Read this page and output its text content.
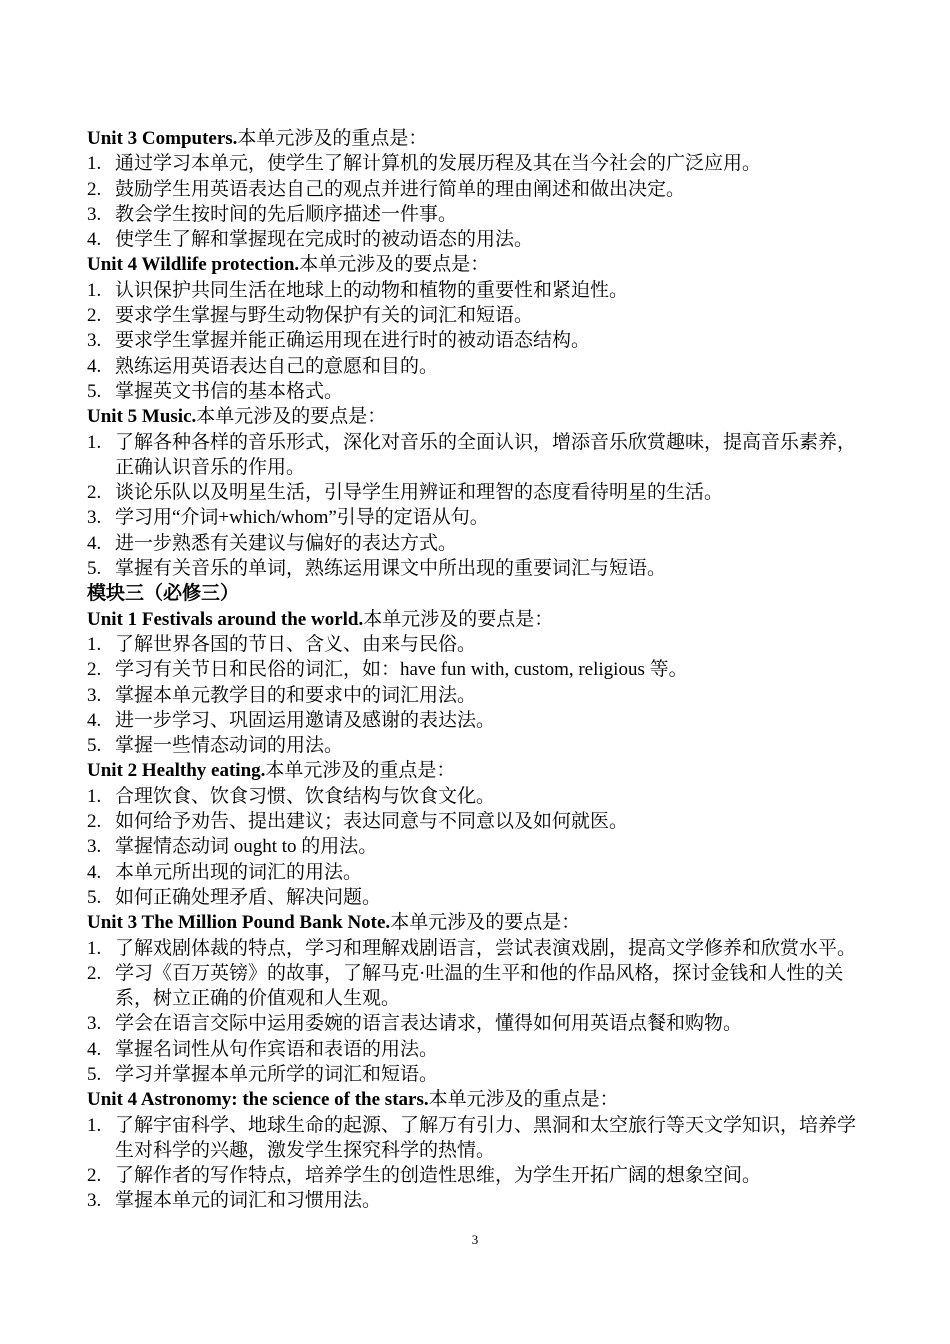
Unit 3 Computers.本单元涉及的重点是：
1. 通过学习本单元，使学生了解计算机的发展历程及其在当今社会的广泛应用。
2. 鼓励学生用英语表达自己的观点并进行简单的理由阐述和做出决定。
3. 教会学生按时间的先后顺序描述一件事。
4. 使学生了解和掌握现在完成时的被动语态的用法。
Unit 4 Wildlife protection.本单元涉及的要点是：
1. 认识保护共同生活在地球上的动物和植物的重要性和紧迫性。
2. 要求学生掌握与野生动物保护有关的词汇和短语。
3. 要求学生掌握并能正确运用现在进行时的被动语态结构。
4. 熟练运用英语表达自己的意愿和目的。
5. 掌握英文书信的基本格式。
Unit 5 Music.本单元涉及的要点是：
1. 了解各种各样的音乐形式，深化对音乐的全面认识，增添音乐欣赏趣味，提高音乐素养，正确认识音乐的作用。
2. 谈论乐队以及明星生活，引导学生用辨证和理智的态度看待明星的生活。
3. 学习用“介词+which/whom”引导的定语从句。
4. 进一步熟悉有关建议与偏好的表达方式。
5. 掌握有关音乐的单词，熟练运用课文中所出现的重要词汇与短语。
模块三（必修三）
Unit 1 Festivals around the world.本单元涉及的要点是：
1. 了解世界各国的节日、含义、由来与民俗。
2. 学习有关节日和民俗的词汇，如：have fun with, custom, religious 等。
3. 掌握本单元教学目的和要求中的词汇用法。
4. 进一步学习、巩固运用邀请及感谢的表达法。
5. 掌握一些情态动词的用法。
Unit 2 Healthy eating.本单元涉及的重点是：
1. 合理饮食、饮食习惯、饮食结构与饮食文化。
2. 如何给予劝告、提出建议；表达同意与不同意以及如何就医。
3. 掌握情态动词 ought to 的用法。
4. 本单元所出现的词汇的用法。
5. 如何正确处理矛盾、解决问题。
Unit 3 The Million Pound Bank Note.本单元涉及的要点是：
1. 了解戏剧体裁的特点，学习和理解戏剧语言，尝试表演戏剧，提高文学修养和欣赏水平。
2. 学习《百万英镑》的故事，了解马克·吐温的生平和他的作品风格，探讨金钱和人性的关系，树立正确的价值观和人生观。
3. 学会在语言交际中运用委婉的语言表达请求，懂得如何用英语点餐和购物。
4. 掌握名词性从句作宾语和表语的用法。
5. 学习并掌握本单元所学的词汇和短语。
Unit 4 Astronomy: the science of the stars.本单元涉及的重点是：
1. 了解宇宙科学、地球生命的起源、了解万有引力、黑洞和太空旅行等天文学知识，培养学生对科学的兴趣，激发学生探究科学的热情。
2. 了解作者的写作特点，培养学生的创造性思维，为学生开拓广阔的想象空间。
3. 掌握本单元的词汇和习惯用法。
3
